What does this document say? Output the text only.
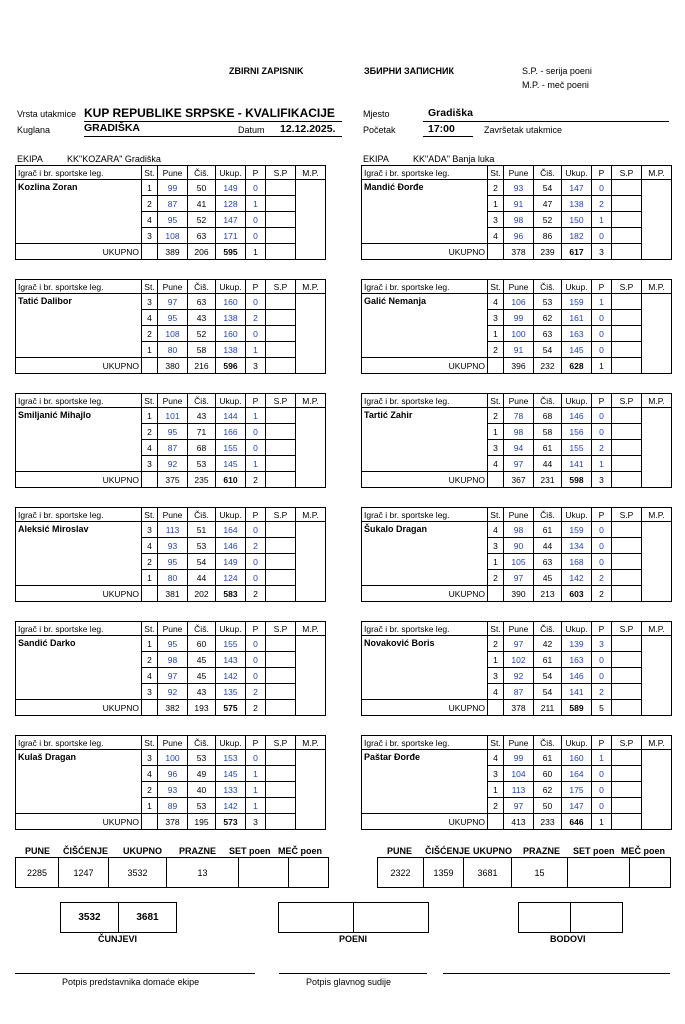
ZBIRNI ZAPISNIK	ЗБИРНИ ЗАПИСНИК	S.P. - serija poeni
M.P. - meč poeni
Vrsta utakmice KUP REPUBLIKE SRPSKE - KVALIFIKACIJE	Mjesto	Gradiška
Kuglana	GRADIŠKA	Datum 12.12.2025.	Početak	17:00	Završetak utakmice
EKIPA	KK"KOZARA" Gradiška	EKIPA	KK"ADA" Banja luka
Igrač i br. sportske leg.	St.	Pune	Čiš.	Ukup.	P	S.P	M.P.
Kozlina Zoran	1	99	50	149	0		
	2	87	41	128	1		
	4	95	52	147	0		
	3	108	63	171	0		
UKUPNO		389	206	595	1		
Igrač i br. sportske leg.	St.	Pune	Čiš.	Ukup.	P	S.P	M.P.
Mandić Đorđe	2	93	54	147	0		
	1	91	47	138	2		
	3	98	52	150	1		
	4	96	86	182	0		
UKUPNO		378	239	617	3		
Igrač i br. sportske leg.	St.	Pune	Čiš.	Ukup.	P	S.P	M.P.
Tatić Dalibor	3	97	63	160	0		
	4	95	43	138	2		
	2	108	52	160	0		
	1	80	58	138	1		
UKUPNO		380	216	596	3		
Igrač i br. sportske leg.	St.	Pune	Čiš.	Ukup.	P	S.P	M.P.
Galić Nemanja	4	106	53	159	1		
	3	99	62	161	0		
	1	100	63	163	0		
	2	91	54	145	0		
UKUPNO		396	232	628	1		
Igrač i br. sportske leg.	St.	Pune	Čiš.	Ukup.	P	S.P	M.P.
Smiljanić Mihajlo	1	101	43	144	1		
	2	95	71	166	0		
	4	87	68	155	0		
	3	92	53	145	1		
UKUPNO		375	235	610	2		
Igrač i br. sportske leg.	St.	Pune	Čiš.	Ukup.	P	S.P	M.P.
Tartić Zahir	2	78	68	146	0		
	1	98	58	156	0		
	3	94	61	155	2		
	4	97	44	141	1		
UKUPNO		367	231	598	3		
Igrač i br. sportske leg.	St.	Pune	Čiš.	Ukup.	P	S.P	M.P.
Aleksić Miroslav	3	113	51	164	0		
	4	93	53	146	2		
	2	95	54	149	0		
	1	80	44	124	0		
UKUPNO		381	202	583	2		
Igrač i br. sportske leg.	St.	Pune	Čiš.	Ukup.	P	S.P	M.P.
Šukalo Dragan	4	98	61	159	0		
	3	90	44	134	0		
	1	105	63	168	0		
	2	97	45	142	2		
UKUPNO		390	213	603	2		
Igrač i br. sportske leg.	St.	Pune	Čiš.	Ukup.	P	S.P	M.P.
Sandić Darko	1	95	60	155	0		
	2	98	45	143	0		
	4	97	45	142	0		
	3	92	43	135	2		
UKUPNO		382	193	575	2		
Igrač i br. sportske leg.	St.	Pune	Čiš.	Ukup.	P	S.P	M.P.
Novaković Boris	2	97	42	139	3		
	1	102	61	163	0		
	3	92	54	146	0		
	4	87	54	141	2		
UKUPNO		378	211	589	5		
Igrač i br. sportske leg.	St.	Pune	Čiš.	Ukup.	P	S.P	M.P.
Kulaš Dragan	3	100	53	153	0		
	4	96	49	145	1		
	2	93	40	133	1		
	1	89	53	142	1		
UKUPNO		378	195	573	3		
Igrač i br. sportske leg.	St.	Pune	Čiš.	Ukup.	P	S.P	M.P.
Paštar Đorđe	4	99	61	160	1		
	3	104	60	164	0		
	1	113	62	175	0		
	2	97	50	147	0		
UKUPNO		413	233	646	1		
PUNE ČIŠĆENJE UKUPNO PRAZNE SET poen MEČ poen	PUNE ČIŠĆENJE UKUPNO PRAZNE SET poen MEČ poen
2285	1247	3532	13			2322	1359	3681	15		
3532	3681
ČUNJEVI
		POENI
		BODOVI
Potpis predstavnika domaće ekipe	Potpis glavnog sudije
